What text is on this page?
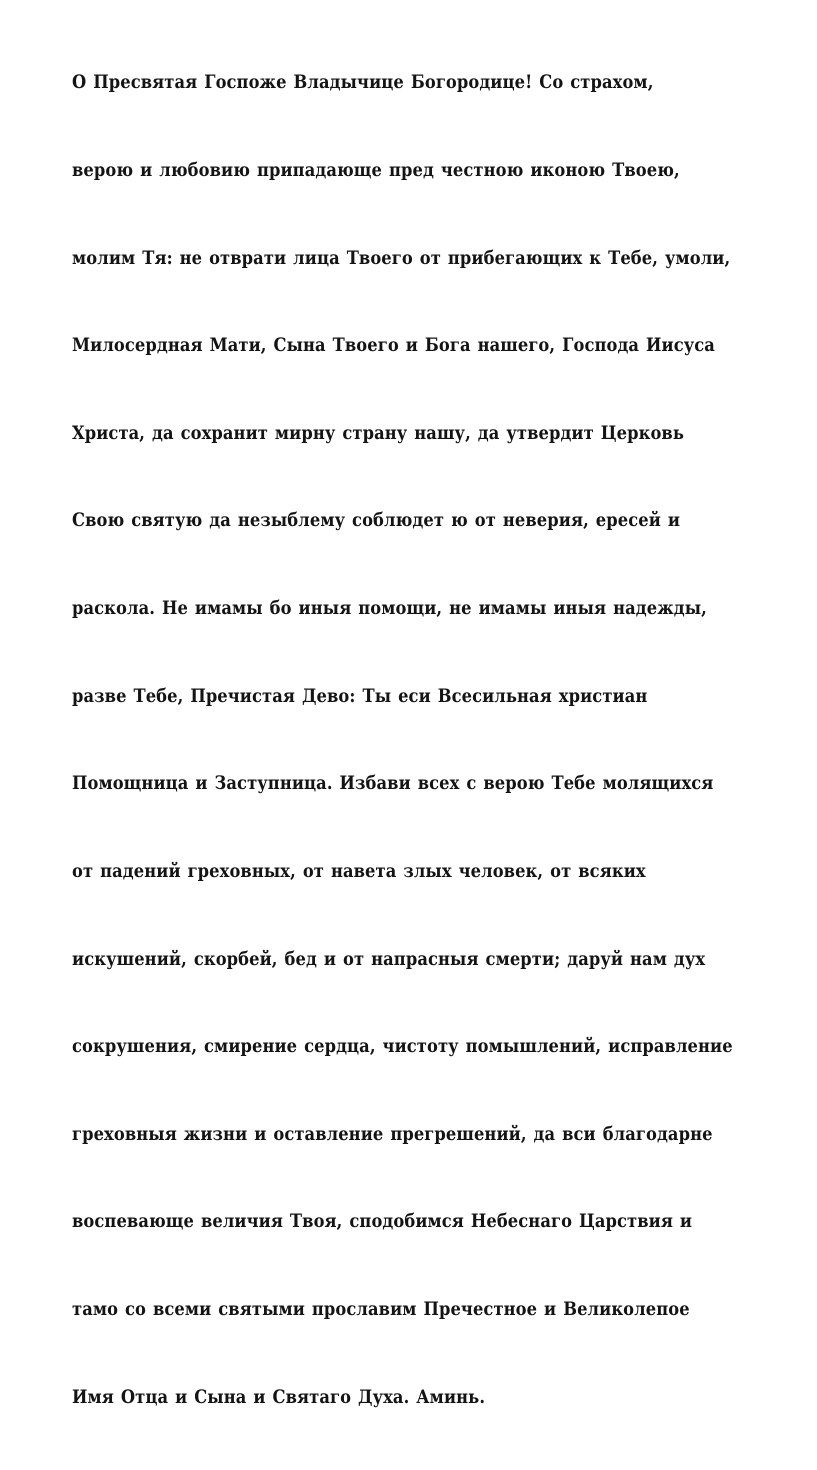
О Пресвятая Госпоже Владычице Богородице! Со страхом,

верою и любовию припадающе пред честною иконою Твоею,

молим Тя: не отврати лица Твоего от прибегающих к Тебе, умоли,

Милосердная Мати, Сына Твоего и Бога нашего, Господа Иисуса

Христа, да сохранит мирну страну нашу, да утвердит Церковь

Свою святую да незыблему соблюдет ю от неверия, ересей и

раскола. Не имамы бо иныя помощи, не имамы иныя надежды,

разве Тебе, Пречистая Дево: Ты еси Всесильная христиан

Помощница и Заступница. Избави всех с верою Тебе молящихся

от падений греховных, от навета злых человек, от всяких

искушений, скорбей, бед и от напрасныя смерти; даруй нам дух

сокрушения, смирение сердца, чистоту помышлений, исправление

греховныя жизни и оставление прегрешений, да вси благодарне

воспевающе величия Твоя, сподобимся Небеснаго Царствия и

тамо со всеми святыми прославим Пречестное и Великолепое

Имя Отца и Сына и Святаго Духа. Аминь.
